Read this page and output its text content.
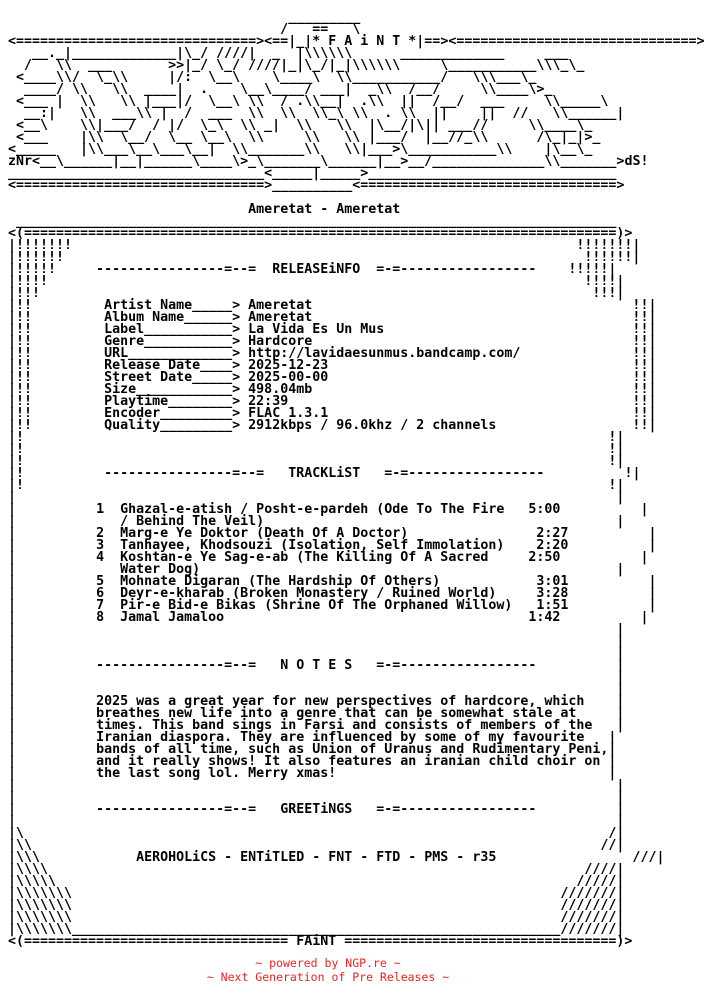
_________
/   ==   \
<==============================><==|_|* F A i N T *|==><==============================>
__._|_____________|\_/ ////|  _  |\\\\\\      _____________     ___
/   \\  ___       >>|_/ \_/ ////|_|\_/|_|\\\\\\     \___________\\\_\_
<____\\/  \_\\     |/:  \__\    \____\  \\___________/   \\\___\_
____/ \\   \\  ____|  .    \__\____/ ___|  _\\  /__/     \\____\>_
<___ |  \\   \\ |___|/  \__\ \\  / .\\__|  .\\  ||  /__/  ___     \\_____\
__:|   \\  ___\\ |  /  ___  \\  \\  \\_\ \\  . \\  ||    ||  //   \\______|
<__\    \\|___/  / |/  \_\  \\ _|  \\   \\  |\__/|\|| ___//     \\____\_
<___    |\\  \__/  \__ \__\  \\     \\   \\ |___/  |__//_\\      /\_|_|>_
<_____   |\\___\__\___\__|  \\_______\\   \\|___>\___________\\    |\__\_
zNr<__\______|__|______\____\>_\_______\______|__>__/______________\\_______>dS!
________________________________<_____|_____>_______________________________
<===============================>__________<================================>

Ameretat - Ameretat
___________________________________________________________________________
<(==========================================================================)>
|!!!!!!!                                                               !!!!!!!|
|!!!!!!                                                                 !!!!!!|
|!!!!!     ----------------=--=  RELEASEiNFO  =-=-----------------    !!!!!|
|!!!!                                                                   !!!!|
|!!!                                                                     !!!|
|!!         Artist Name_____> Ameretat                                        !!|
|!!         Album Name______> Ameretat                                        !!|
|!!         Label___________> La Vida Es Un Mus                               !!|
|!!         Genre___________> Hardcore                                        !!|
|!!         URL_____________> http://lavidaesunmus.bandcamp.com/              !!|
|!!         Release Date____> 2025-12-23                                      !!|
|!!         Street Date_____> 2025-00-00                                      !!|
|!!         Size____________> 498.04mb                                        !!|
|!!         Playtime________> 22:39                                           !!|
|!!         Encoder_________> FLAC 1.3.1                                      !!|
|!!         Quality_________> 2912kbps / 96.0khz / 2 channels                 !!|
|!                                                                         !|
|!                                                                         !|
|!                                                                         !|
|!          ----------------=--=   TRACKLiST   =-=-----------------          !|
|!                                                                         !|
|                                                                           |
|          1 Ghazal-e-atish / Posht-e-pardeh (Ode To The Fire 5:00          |
|             / Behind The Veil)                                            |
|          2 Marg-e Ye Doktor (Death Of A Doctor)	2:27          |
|          3 Tanhayee, Khodsouzi (Isolation, Self Immolation) 2:20          |
|          4 Koshtan-e Ye Sag-e-ab (The Killing Of A Sacred	2:50          |
|             Water Dog)                                                    |
|          5 Mohnate Digaran (The Hardship Of Others)	3:01          |
|          6 Deyr-e-kharab (Broken Monastery / Ruined World)	3:28          |
|          7 Pir-e Bid-e Bikas (Shrine Of The Orphaned Willow) 1:51          |
|          8 Jamal Jamaloo	1:42          |
|                                                                           |
|                                                                           |
|                                                                           |
|          ----------------=--=   N O T E S   =-=-----------------          |
|                                                                           |
|                                                                           |
|          2025 was a great year for new perspectives of hardcore, which    |
|          breathes new life into a genre that can be somewhat stale at     |
|          times. This band sings in Farsi and consists of members of the   |
|          Iranian diaspora. They are influenced by some of my favourite   |
|          bands of all time, such as Union of Uranus and Rudimentary Peni,|
|          and it really shows! It also features an iranian child choir on |
|          the last song lol. Merry xmas!                                  |
|                                                                           |
|                                                                           |
|          ----------------=--=   GREETiNGS   =-=-----------------          |
|                                                                           |
|\                                                                         /|
|\\                                                                       //|
|\\\            AEROHOLiCS - ENTiTLED - FNT - FTD - PMS - r35                 ///|
|\\\\                                                                   ////|
|\\\\\                                                                 /////|
|\\\\\\\                                                             ///////|
|\\\\\\\                                                             ///////|
|\\\\\\\                                                             ///////|
|\\\\\\\_____________________________________________________________///////|
<(================================= FAiNT ==================================)>
~ powered by NGP.re ~
~ Next Generation of Pre Releases ~
